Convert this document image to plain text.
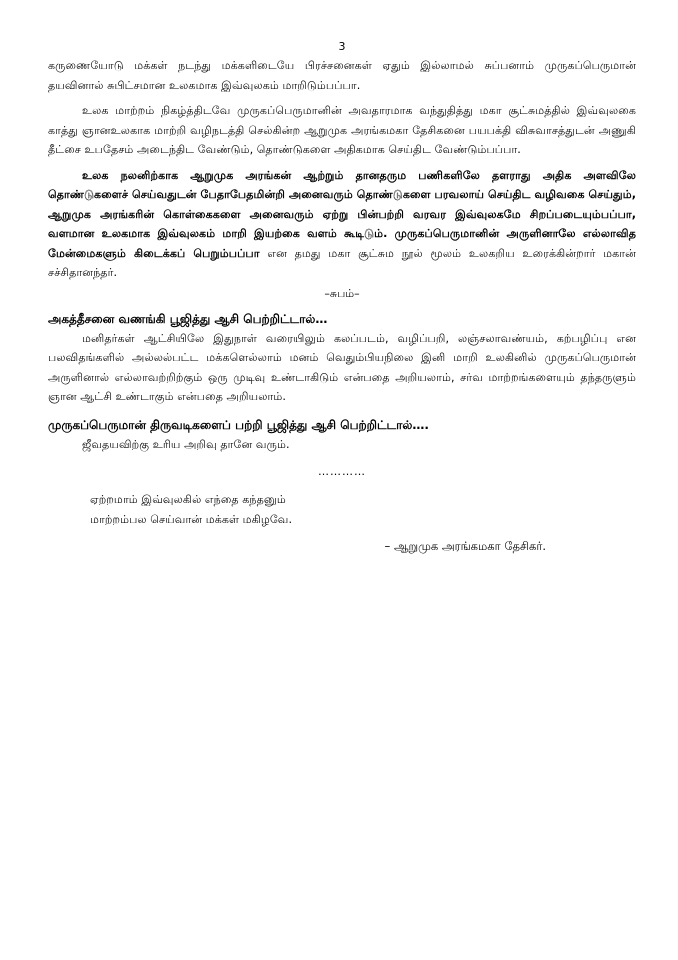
3

கருணையோடு மக்கள் நடந்து மக்களிடையே பிரச்சனைகள் ஏதும் இல்லாமல் சுப்பனாம் முருகப்பெருமான் தயவினால் சுபிட்சமான உலகமாக இவ்வுலகம் மாறிடும்பப்பா.

உலக மாற்றம் நிகழ்த்திடவே முருகப்பெருமானின் அவதாரமாக வந்துதித்து மகா சூட்சுமத்தில் இவ்வுலகை காத்து ஞானஉலகாக மாற்றி வழிநடத்தி செல்கின்ற ஆறுமுக அரங்கமகா தேசிகனை பயபக்தி விசுவாசத்துடன் அணுகி தீட்சை உபதேசம் அடைந்திட வேண்டும், தொண்டுகளை அதிகமாக செய்திட வேண்டும்பப்பா.

உலக நலனிற்காக ஆறுமுக அரங்கன் ஆற்றும் தானதரும பணிகளிலே தளராது அதிக அளவிலே தொண்டுகளைச் செய்வதுடன் பேதாபேதமின்றி அனைவரும் தொண்டுகளை பரவலாய் செய்திட வழிவகை செய்தும், ஆறுமுக அரங்கரின் கொள்கைகளை அனைவரும் ஏற்று பின்பற்றி வரவர இவ்வுலகமே சிறப்படையும்பப்பா, வளமான உலகமாக இவ்வுலகம் மாறி இயற்கை வளம் கூடிடும். முருகப்பெருமானின் அருளினாலே எல்லாவித மேன்மைகளும் கிடைக்கப் பெறும்பப்பா என தமது மகா சூட்சும நூல் மூலம் உலகறிய உரைக்கின்றார் மகான் சச்சிதானந்தர்.

–சுபம்–
அகத்தீசனை வணங்கி பூஜித்து ஆசி பெற்றிட்டால்…

மனிதர்கள் ஆட்சியிலே இதுநாள் வரையிலும் கலப்படம், வழிப்பறி, லஞ்சலாவண்யம், கற்பழிப்பு என பலவிதங்களில் அல்லல்பட்ட மக்களெல்லாம் மனம் வெதும்பியநிலை இனி மாறி உலகினில் முருகப்பெருமான் அருளினால் எல்லாவற்றிற்கும் ஒரு முடிவு உண்டாகிடும் என்பதை அறியலாம், சர்வ மாற்றங்களையும் தந்தருளும் ஞான ஆட்சி உண்டாகும் என்பதை அறியலாம்.

முருகப்பெருமான் திருவடிகளைப் பற்றி பூஜித்து ஆசி பெற்றிட்டால்….

ஜீவதயவிற்கு உரிய அறிவு தானே வரும்.

…………
ஏற்றமாம் இவ்வுலகில் எந்தை கந்தனும்
மாற்றம்பல செய்வான் மக்கள் மகிழவே.
– ஆறுமுக அரங்கமகா தேசிகர்.
